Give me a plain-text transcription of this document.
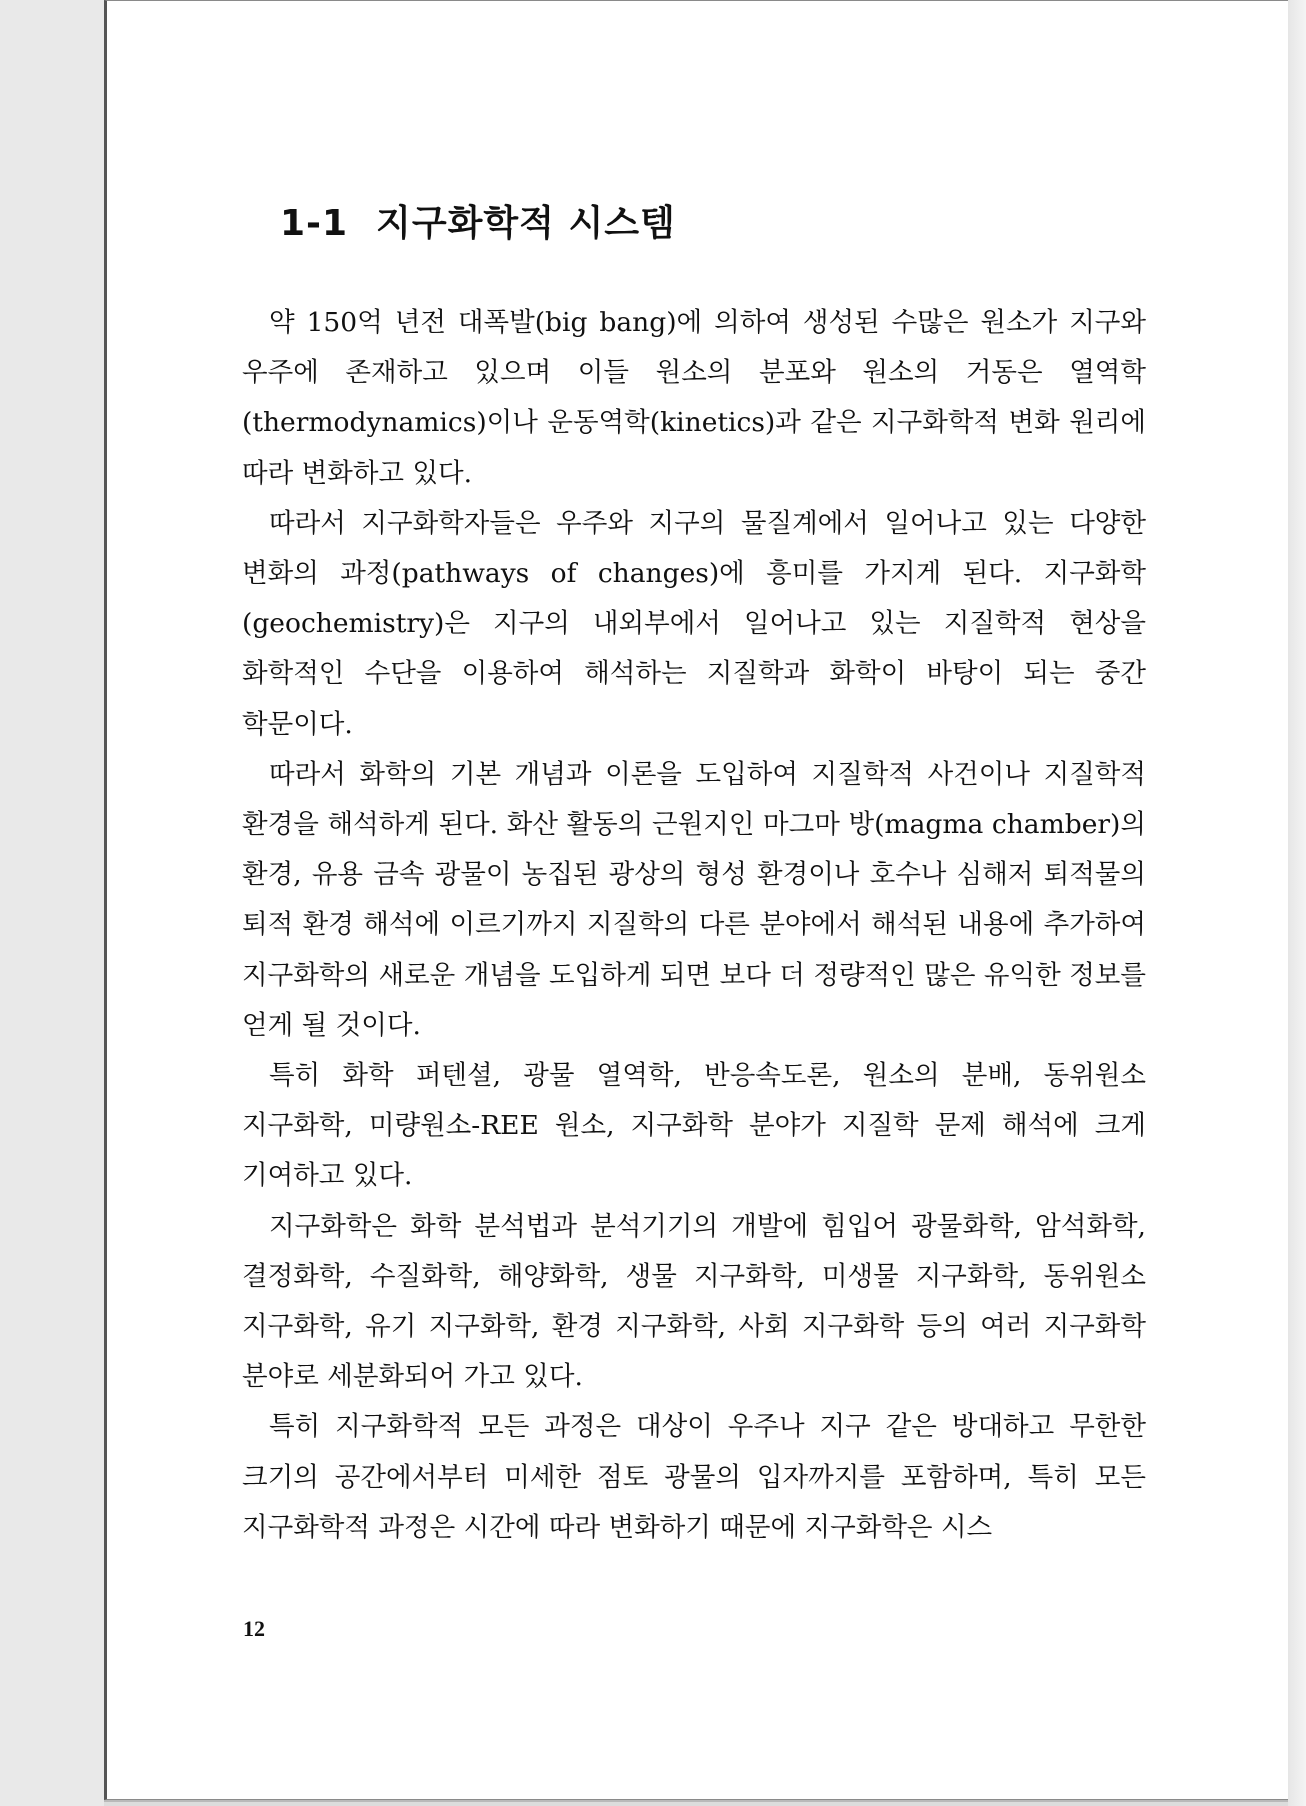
1-1 지구화학적 시스템

약 150억 년전 대폭발(big bang)에 의하여 생성된 수많은 원소가 지구와 우주에 존재하고 있으며 이들 원소의 분포와 원소의 거동은 열역학(thermodynamics)이나 운동역학(kinetics)과 같은 지구화학적 변화 원리에 따라 변화하고 있다.

따라서 지구화학자들은 우주와 지구의 물질계에서 일어나고 있는 다양한 변화의 과정(pathways of changes)에 흥미를 가지게 된다. 지구화학(geochemistry)은 지구의 내외부에서 일어나고 있는 지질학적 현상을 화학적인 수단을 이용하여 해석하는 지질학과 화학이 바탕이 되는 중간 학문이다.

따라서 화학의 기본 개념과 이론을 도입하여 지질학적 사건이나 지질학적 환경을 해석하게 된다. 화산 활동의 근원지인 마그마 방(magma chamber)의 환경, 유용 금속 광물이 농집된 광상의 형성 환경이나 호수나 심해저 퇴적물의 퇴적 환경 해석에 이르기까지 지질학의 다른 분야에서 해석된 내용에 추가하여 지구화학의 새로운 개념을 도입하게 되면 보다 더 정량적인 많은 유익한 정보를 얻게 될 것이다.

특히 화학 퍼텐셜, 광물 열역학, 반응속도론, 원소의 분배, 동위원소 지구화학, 미량원소-REE 원소, 지구화학 분야가 지질학 문제 해석에 크게 기여하고 있다.

지구화학은 화학 분석법과 분석기기의 개발에 힘입어 광물화학, 암석화학, 결정화학, 수질화학, 해양화학, 생물 지구화학, 미생물 지구화학, 동위원소 지구화학, 유기 지구화학, 환경 지구화학, 사회 지구화학 등의 여러 지구화학 분야로 세분화되어 가고 있다.

특히 지구화학적 모든 과정은 대상이 우주나 지구 같은 방대하고 무한한 크기의 공간에서부터 미세한 점토 광물의 입자까지를 포함하며, 특히 모든 지구화학적 과정은 시간에 따라 변화하기 때문에 지구화학은 시스

12
